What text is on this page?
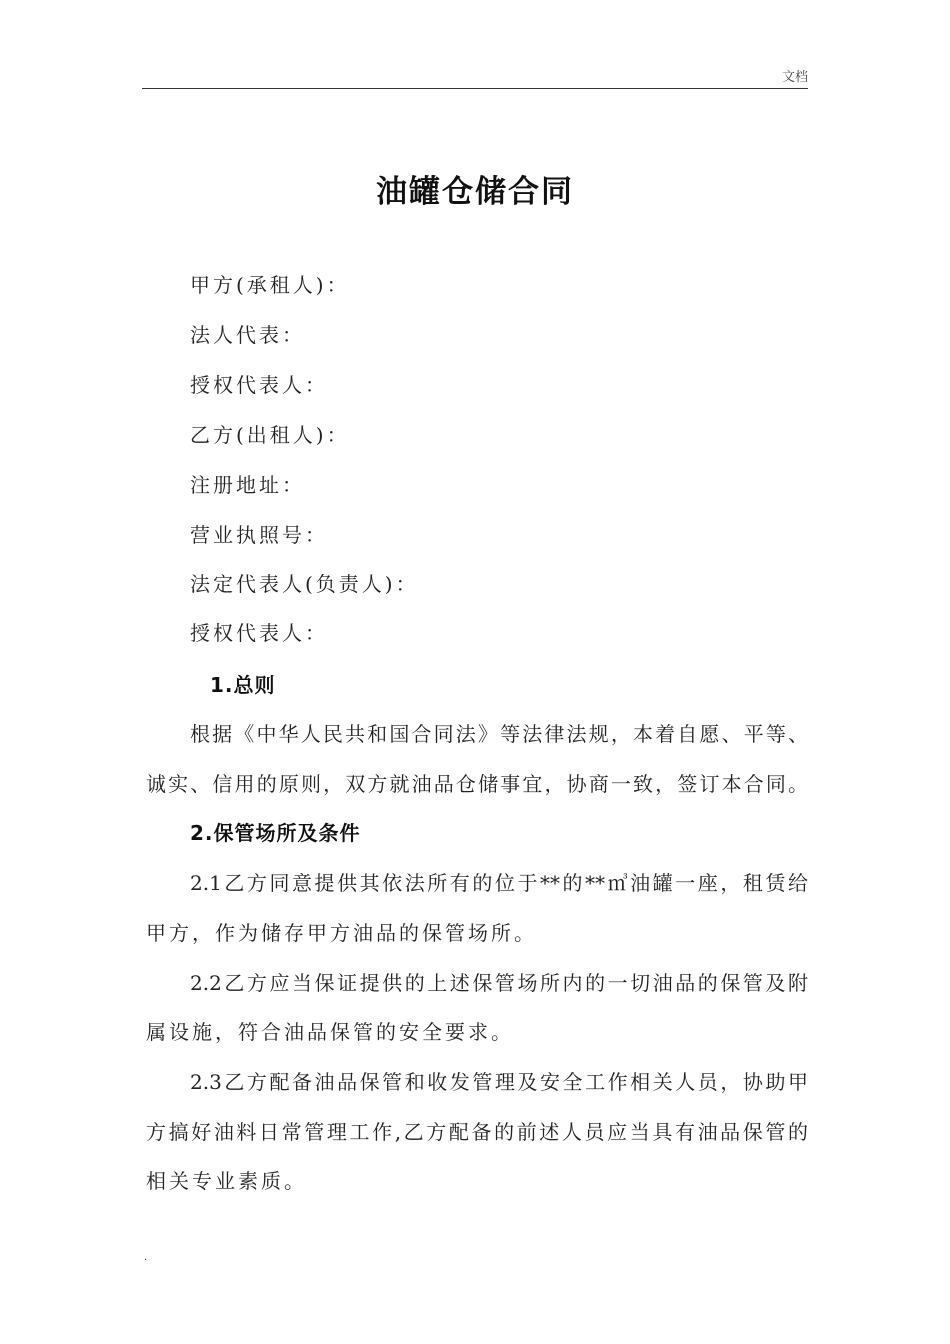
文档
油罐仓储合同
甲方(承租人)：
法人代表：
授权代表人：
乙方(出租人)：
注册地址：
营业执照号：
法定代表人(负责人)：
授权代表人：
1.总则
根据《中华人民共和国合同法》等法律法规，本着自愿、平等、
诚实、信用的原则，双方就油品仓储事宜，协商一致，签订本合同。
2.保管场所及条件
2.1乙方同意提供其依法所有的位于**的**㎥油罐一座，租赁给
甲方，作为储存甲方油品的保管场所。
2.2乙方应当保证提供的上述保管场所内的一切油品的保管及附
属设施，符合油品保管的安全要求。
2.3乙方配备油品保管和收发管理及安全工作相关人员，协助甲
方搞好油料日常管理工作,乙方配备的前述人员应当具有油品保管的
相关专业素质。
.
